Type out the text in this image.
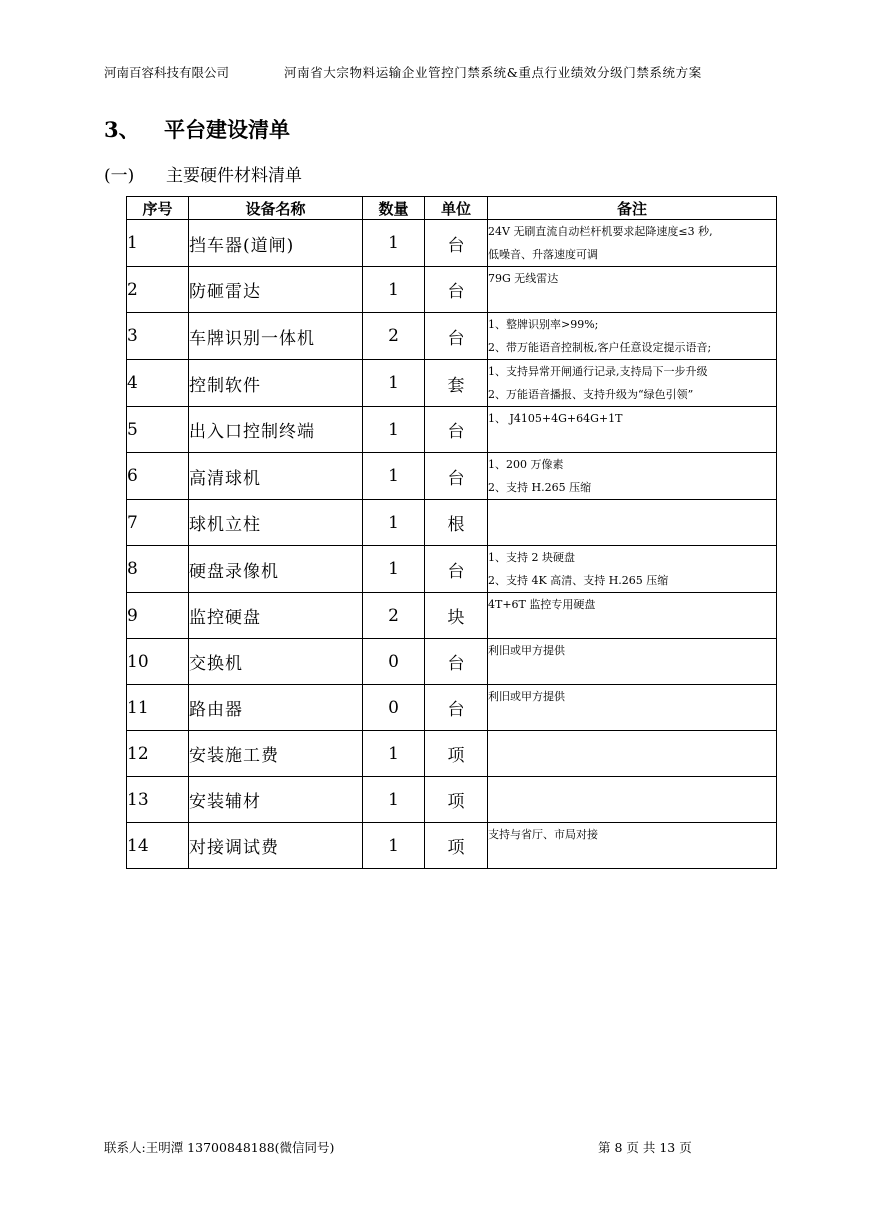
河南百容科技有限公司	河南省大宗物料运输企业管控门禁系统&重点行业绩效分级门禁系统方案
3、 平台建设清单
(一) 主要硬件材料清单
序号	设备名称	数量	单位	备注
1	挡车器(道闸)	1	台	24V 无刷直流自动栏杆机要求起降速度≤3 秒,
低噪音、升落速度可调

2	防砸雷达	1	台	79G 无线雷达

3	车牌识别一体机	2	台	1、整牌识别率>99%;
2、带万能语音控制板,客户任意设定提示语音;

4	控制软件	1	套	1、支持异常开闸通行记录,支持局下一步升级
2、万能语音播报、支持升级为“绿色引领”

5	出入口控制终端	1	台	1、 J4105+4G+64G+1T

6	高清球机	1	台	1、200 万像素
2、支持 H.265 压缩

7	球机立柱	1	根	
8	硬盘录像机	1	台	1、支持 2 块硬盘
2、支持 4K 高清、支持 H.265 压缩

9	监控硬盘	2	块	4T+6T 监控专用硬盘

10	交换机	0	台	利旧或甲方提供

11	路由器	0	台	利旧或甲方提供

12	安装施工费	1	项	
13	安装辅材	1	项	
14	对接调试费	1	项	支持与省厅、市局对接
联系人:王明潭 13700848188(微信同号)	第 8 页 共 13 页
